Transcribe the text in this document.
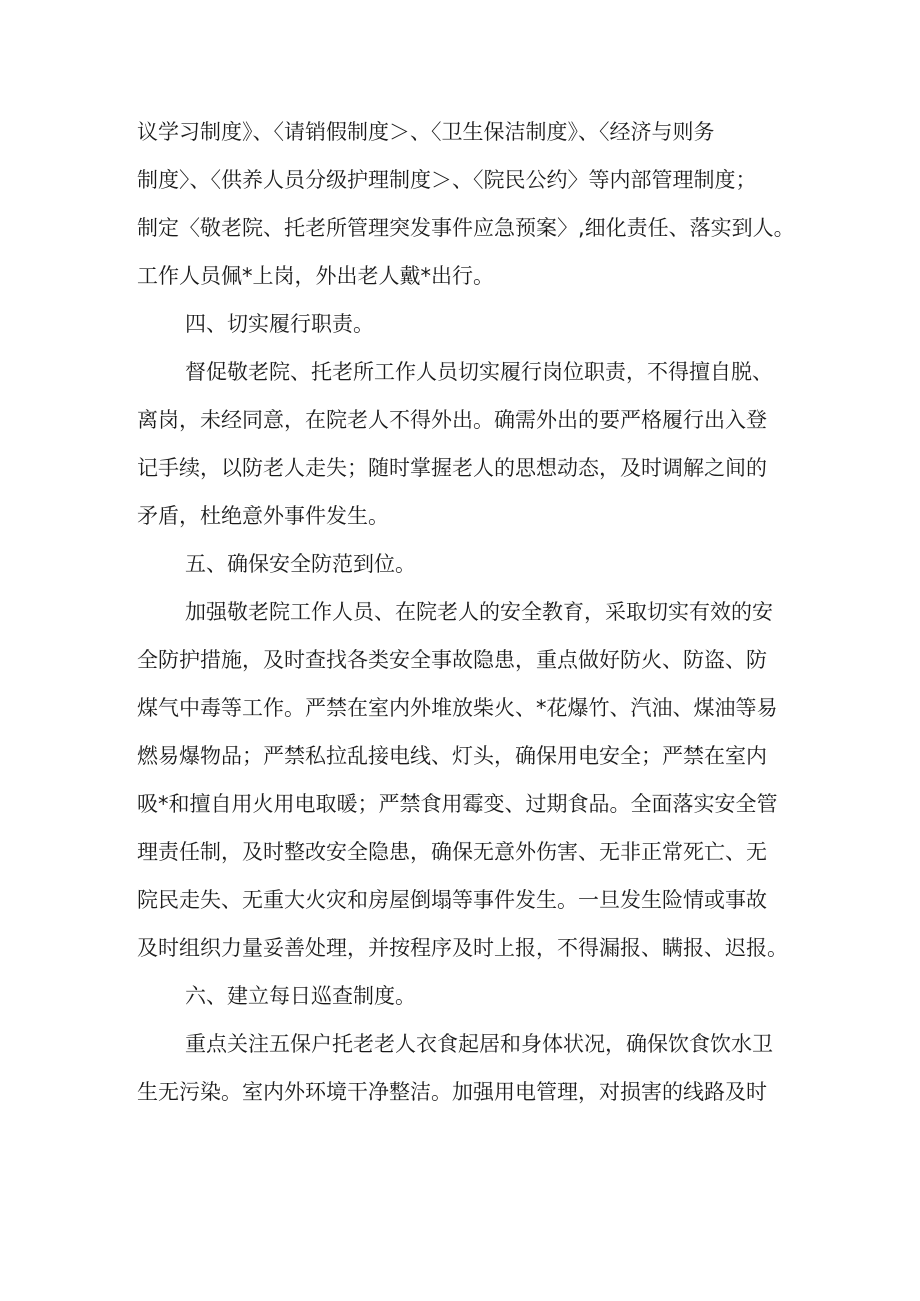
议学习制度》、〈请销假制度＞、〈卫生保洁制度》、〈经济与则务
制度〉、〈供养人员分级护理制度＞、〈院民公约〉等内部管理制度；
制定〈敬老院、托老所管理突发事件应急预案〉,细化责任、落实到人。
工作人员佩*上岗，外出老人戴*出行。
四、切实履行职责。
督促敬老院、托老所工作人员切实履行岗位职责，不得擅自脱、
离岗，未经同意，在院老人不得外出。确需外出的要严格履行出入登
记手续，以防老人走失；随时掌握老人的思想动态，及时调解之间的
矛盾，杜绝意外事件发生。
五、确保安全防范到位。
加强敬老院工作人员、在院老人的安全教育，采取切实有效的安
全防护措施，及时查找各类安全事故隐患，重点做好防火、防盗、防
煤气中毒等工作。严禁在室内外堆放柴火、*花爆竹、汽油、煤油等易
燃易爆物品；严禁私拉乱接电线、灯头，确保用电安全；严禁在室内
吸*和擅自用火用电取暖；严禁食用霉变、过期食品。全面落实安全管
理责任制，及时整改安全隐患，确保无意外伤害、无非正常死亡、无
院民走失、无重大火灾和房屋倒塌等事件发生。一旦发生险情或事故
及时组织力量妥善处理，并按程序及时上报，不得漏报、瞒报、迟报。
六、建立每日巡查制度。
重点关注五保户托老老人衣食起居和身体状况，确保饮食饮水卫
生无污染。室内外环境干净整洁。加强用电管理，对损害的线路及时
